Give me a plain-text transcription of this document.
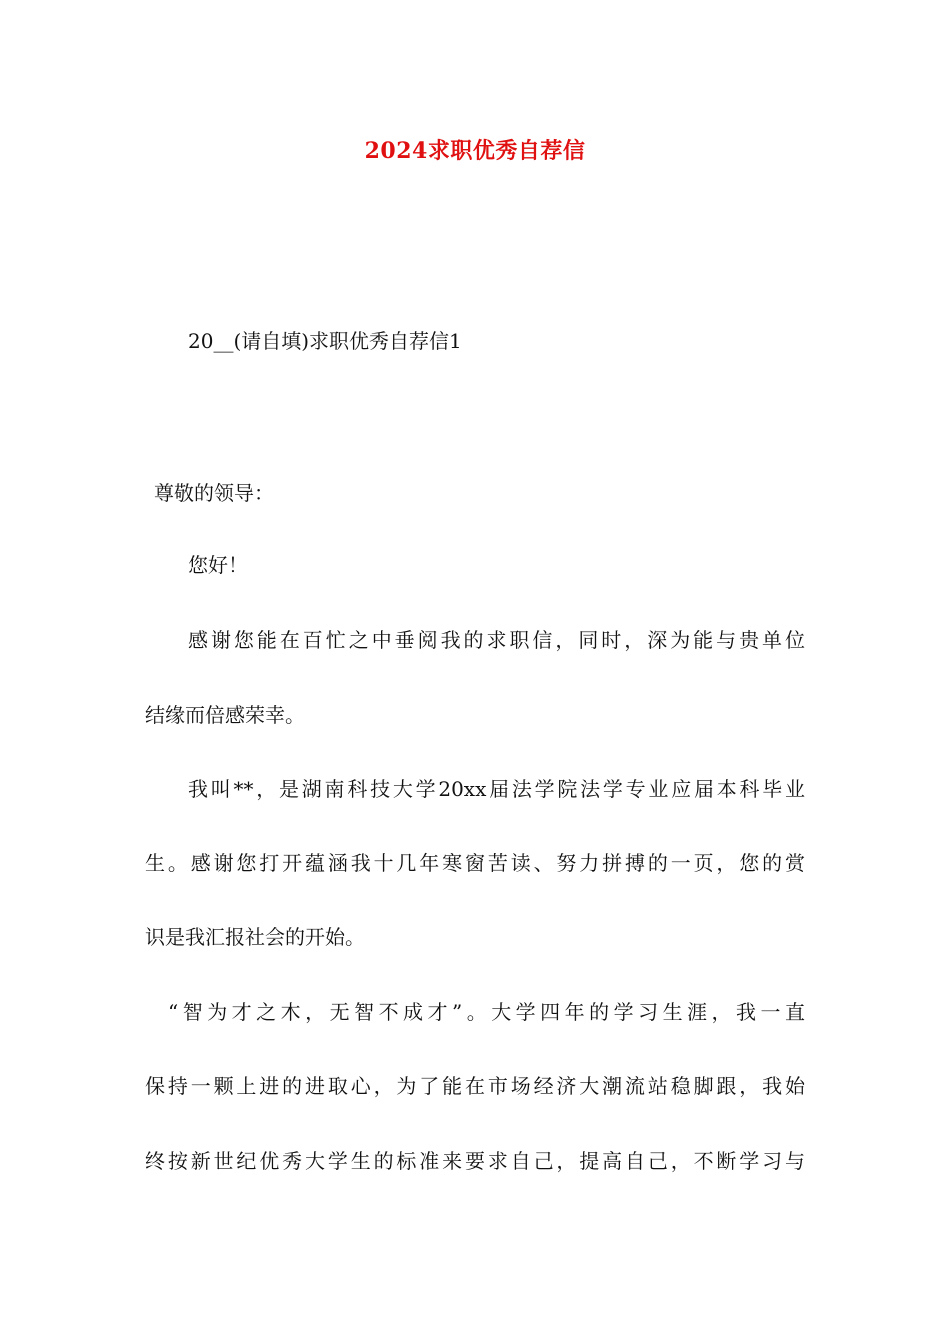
2024求职优秀自荐信
20__(请自填)求职优秀自荐信1
尊敬的领导：
您好！
感谢您能在百忙之中垂阅我的求职信，同时，深为能与贵单位
结缘而倍感荣幸。
我叫**，是湖南科技大学20xx届法学院法学专业应届本科毕业
生。感谢您打开蕴涵我十几年寒窗苦读、努力拼搏的一页，您的赏
识是我汇报社会的开始。
“智为才之木，无智不成才”。大学四年的学习生涯，我一直
保持一颗上进的进取心，为了能在市场经济大潮流站稳脚跟，我始
终按新世纪优秀大学生的标准来要求自己，提高自己，不断学习与
